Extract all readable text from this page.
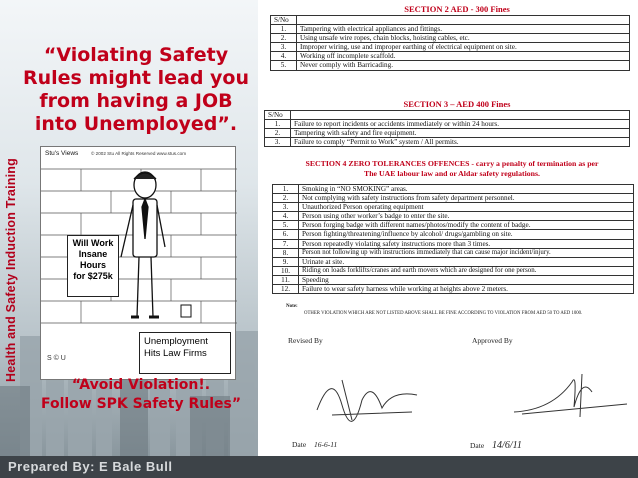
Health and Safety Induction Training
“Violating Safety Rules might lead you from having a JOB into Unemployed”.
Stu's Views	© 2002 Stu All Rights Reserved www.stus.com
Will Work
Insane
Hours
for $275k
Unemployment
Hits Law Firms
S © U
“Avoid Violation!.
Follow SPK Safety Rules”
SECTION 2 AED - 300 Fines
S/No	
1.	Tampering with electrical appliances and fittings.
2.	Using unsafe wire ropes, chain blocks, hoisting cables, etc.
3.	Improper wiring, use and improper earthing of electrical equipment on site.
4.	Working off incomplete scaffold.
5.	Never comply with Barricading.
SECTION 3 – AED 400 Fines
S/No	
1.	Failure to report incidents or accidents immediately or within 24 hours.
2.	Tampering with safety and fire equipment.
3.	Failure to comply “Permit to Work” system / All permits.
SECTION 4 ZERO TOLERANCES OFFENCES - carry a penalty of termination as per
The UAE labour law and or Aldar safety regulations.
1.	Smoking in “NO SMOKING” areas.
2.	Not complying with safety instructions from safety department personnel.
3.	Unauthorized Person operating equipment
4.	Person using other worker’s badge to enter the site.
5.	Person forging badge with different names/photos/modify the content of badge.
6.	Person fighting/threatening/influence by alcohol/ drugs/gambling on site.
7.	Person repeatedly violating safety instructions more than 3 times.
8.	Person not following up with instructions immediately that can cause major incident/injury.
9.	Urinate at site.
10.	Riding on loads forklifts/cranes and earth movers which are designed for one person.
11.	Speeding
12.	Failure to wear safety harness while working at heights above 2 meters.
Note:
OTHER VIOLATION WHICH ARE NOT LISTED ABOVE SHALL BE FINE ACCORDING TO VIOLATION FROM AED 50 TO AED 1000.
Revised By	Approved By
Date 16-6-11	Date 14/6/11
Prepared By: E Bale Bull
